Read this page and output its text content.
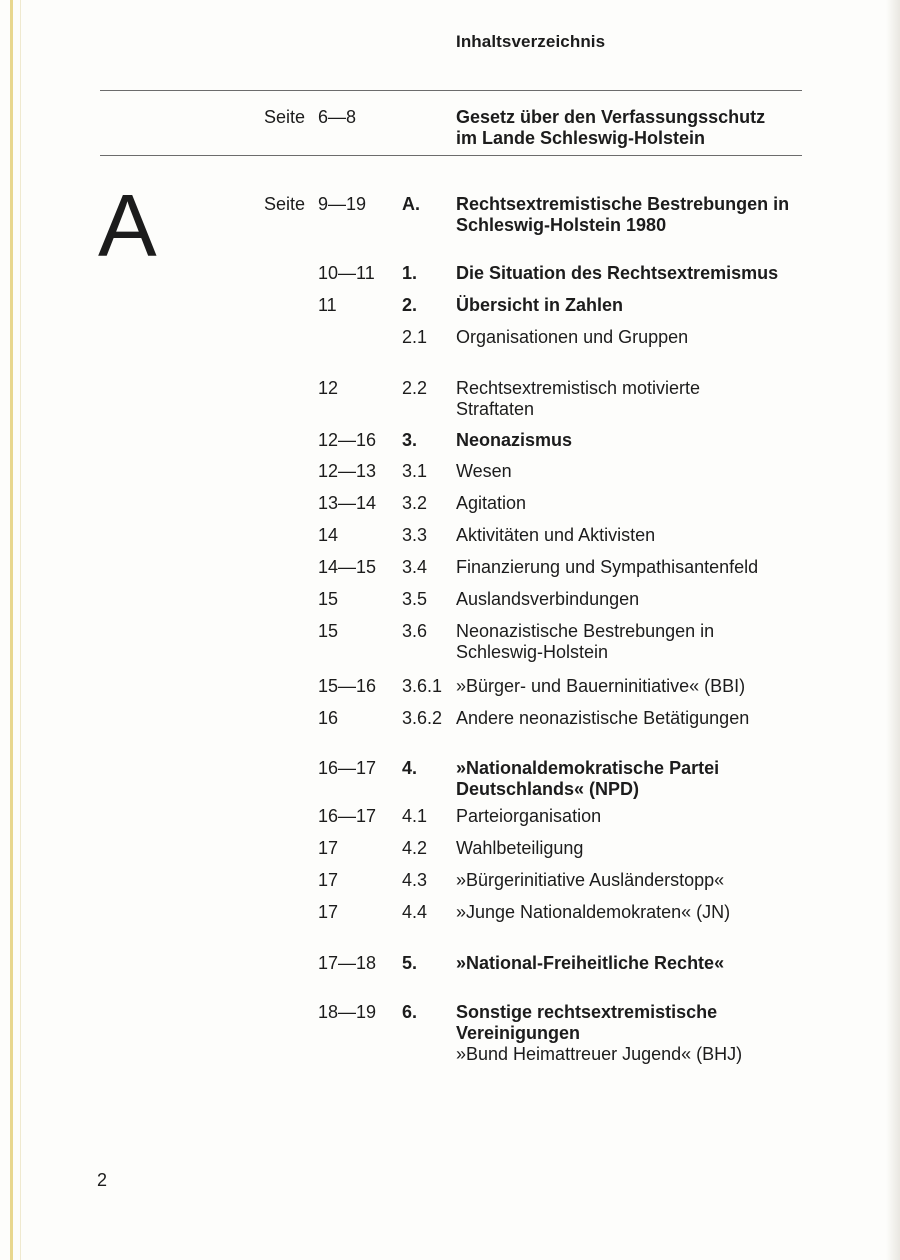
Inhaltsverzeichnis
A
Seite 6—8	Gesetz über den Verfassungsschutz
im Lande Schleswig-Holstein
Seite 9—19 A. Rechtsextremistische Bestrebungen in
Schleswig-Holstein 1980
10—11 1. Die Situation des Rechtsextremismus
11	2. Übersicht in Zahlen
2.1 Organisationen und Gruppen
12	2.2 Rechtsextremistisch motivierte
Straftaten
12—16 3. Neonazismus
12—13 3.1 Wesen
13—14 3.2 Agitation
14	3.3 Aktivitäten und Aktivisten
14—15 3.4 Finanzierung und Sympathisantenfeld
15	3.5 Auslandsverbindungen
15	3.6 Neonazistische Bestrebungen in
Schleswig-Holstein
15—16 3.6.1 »Bürger- und Bauerninitiative« (BBI)
16	3.6.2 Andere neonazistische Betätigungen
16—17 4. »Nationaldemokratische Partei
Deutschlands« (NPD)
16—17 4.1 Parteiorganisation
17	4.2 Wahlbeteiligung
17	4.3 »Bürgerinitiative Ausländerstopp«
17	4.4 »Junge Nationaldemokraten« (JN)
17—18 5. »National-Freiheitliche Rechte«
18—19 6. Sonstige rechtsextremistische
Vereinigungen
»Bund Heimattreuer Jugend« (BHJ)
2
